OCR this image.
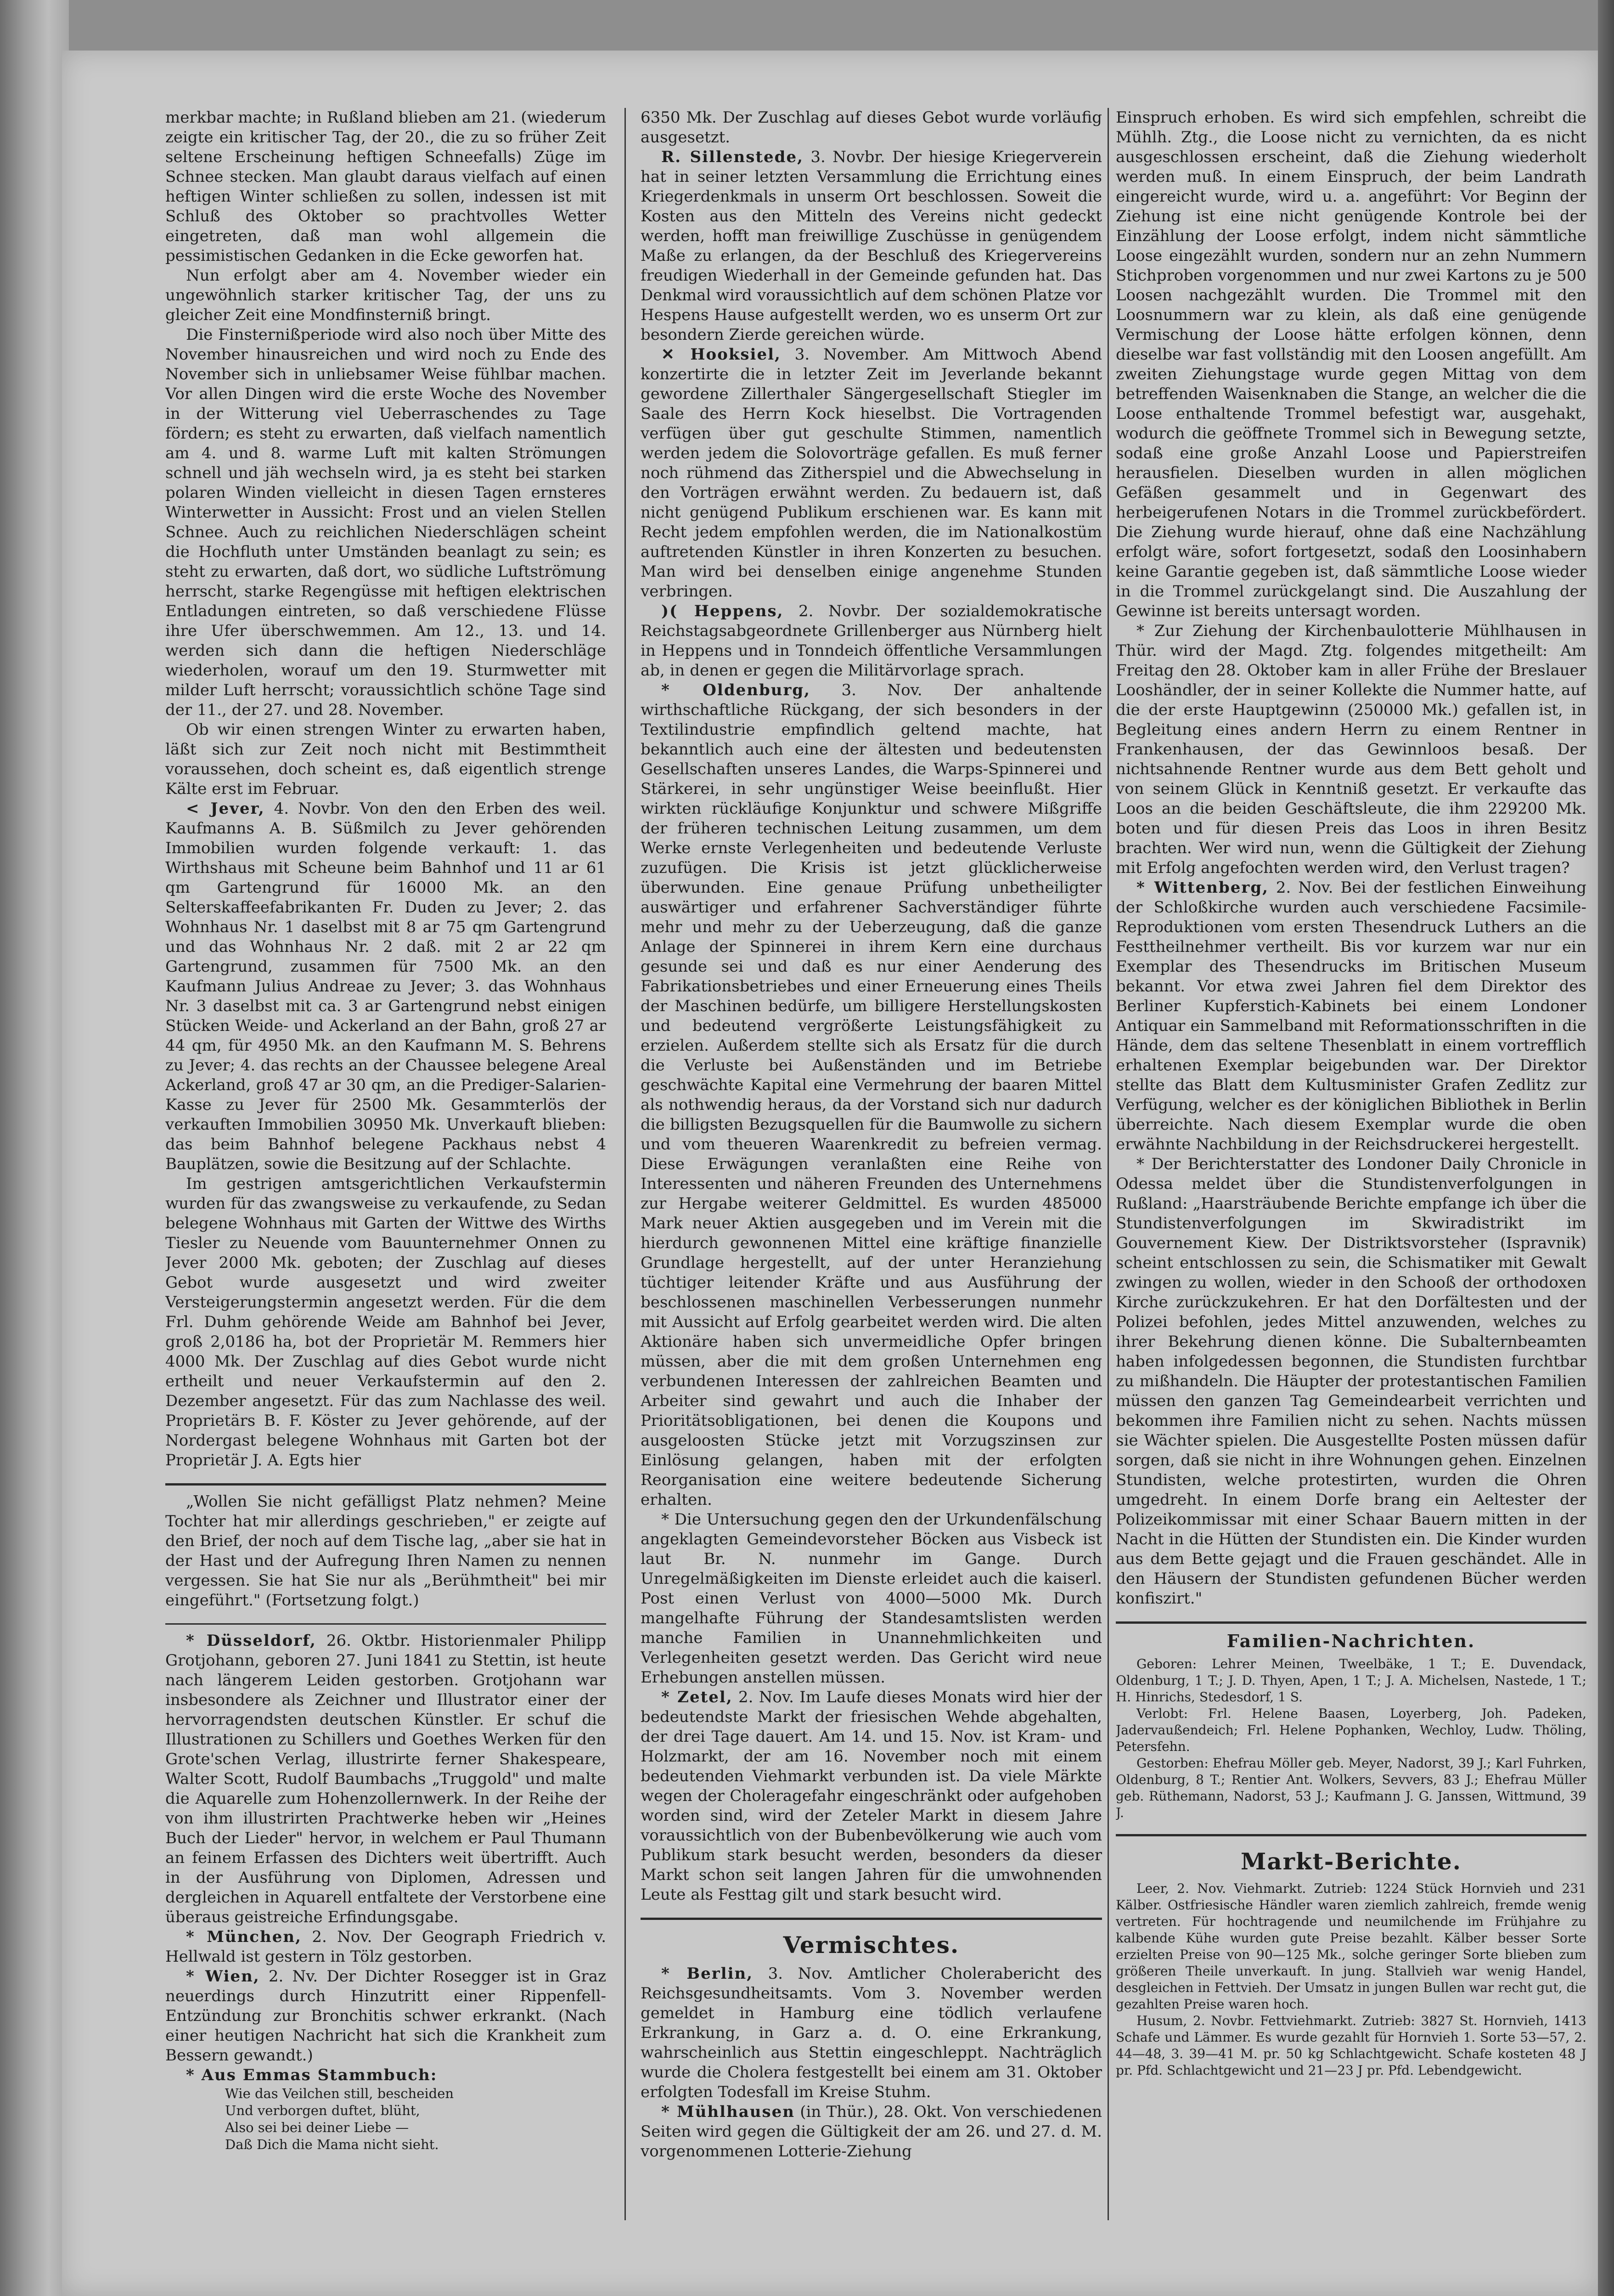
merkbar machte; in Rußland blieben am 21. (wiederum zeigte ein kritischer Tag, der 20., die zu so früher Zeit seltene Erscheinung heftigen Schneefalls) Züge im Schnee stecken. Man glaubt daraus vielfach auf einen heftigen Winter schließen zu sollen, indessen ist mit Schluß des Oktober so prachtvolles Wetter eingetreten, daß man wohl allgemein die pessimistischen Gedanken in die Ecke geworfen hat.

Nun erfolgt aber am 4. November wieder ein ungewöhnlich starker kritischer Tag, der uns zu gleicher Zeit eine Mondfinsterniß bringt.

Die Finsternißperiode wird also noch über Mitte des November hinausreichen und wird noch zu Ende des November sich in unliebsamer Weise fühlbar machen. Vor allen Dingen wird die erste Woche des November in der Witterung viel Ueberraschendes zu Tage fördern; es steht zu erwarten, daß vielfach namentlich am 4. und 8. warme Luft mit kalten Strömungen schnell und jäh wechseln wird, ja es steht bei starken polaren Winden vielleicht in diesen Tagen ernsteres Winterwetter in Aussicht: Frost und an vielen Stellen Schnee. Auch zu reichlichen Niederschlägen scheint die Hochfluth unter Umständen beanlagt zu sein; es steht zu erwarten, daß dort, wo südliche Luftströmung herrscht, starke Regengüsse mit heftigen elektrischen Entladungen eintreten, so daß verschiedene Flüsse ihre Ufer überschwemmen. Am 12., 13. und 14. werden sich dann die heftigen Niederschläge wiederholen, worauf um den 19. Sturmwetter mit milder Luft herrscht; voraussichtlich schöne Tage sind der 11., der 27. und 28. November.

Ob wir einen strengen Winter zu erwarten haben, läßt sich zur Zeit noch nicht mit Bestimmtheit voraussehen, doch scheint es, daß eigentlich strenge Kälte erst im Februar.

< Jever, 4. Novbr. Von den den Erben des weil. Kaufmanns A. B. Süßmilch zu Jever gehörenden Immobilien wurden folgende verkauft: 1. das Wirthshaus mit Scheune beim Bahnhof und 11 ar 61 qm Gartengrund für 16000 Mk. an den Selterskaffeefabrikanten Fr. Duden zu Jever; 2. das Wohnhaus Nr. 1 daselbst mit 8 ar 75 qm Gartengrund und das Wohnhaus Nr. 2 daß. mit 2 ar 22 qm Gartengrund, zusammen für 7500 Mk. an den Kaufmann Julius Andreae zu Jever; 3. das Wohnhaus Nr. 3 daselbst mit ca. 3 ar Gartengrund nebst einigen Stücken Weide- und Ackerland an der Bahn, groß 27 ar 44 qm, für 4950 Mk. an den Kaufmann M. S. Behrens zu Jever; 4. das rechts an der Chaussee belegene Areal Ackerland, groß 47 ar 30 qm, an die Prediger-Salarien-Kasse zu Jever für 2500 Mk. Gesammterlös der verkauften Immobilien 30950 Mk. Unverkauft blieben: das beim Bahnhof belegene Packhaus nebst 4 Bauplätzen, sowie die Besitzung auf der Schlachte.

Im gestrigen amtsgerichtlichen Verkaufstermin wurden für das zwangsweise zu verkaufende, zu Sedan belegene Wohnhaus mit Garten der Wittwe des Wirths Tiesler zu Neuende vom Bauunternehmer Onnen zu Jever 2000 Mk. geboten; der Zuschlag auf dieses Gebot wurde ausgesetzt und wird zweiter Versteigerungstermin angesetzt werden. Für die dem Frl. Duhm gehörende Weide am Bahnhof bei Jever, groß 2,0186 ha, bot der Proprietär M. Remmers hier 4000 Mk. Der Zuschlag auf dies Gebot wurde nicht ertheilt und neuer Verkaufstermin auf den 2. Dezember angesetzt. Für das zum Nachlasse des weil. Proprietärs B. F. Köster zu Jever gehörende, auf der Nordergast belegene Wohnhaus mit Garten bot der Proprietär J. A. Egts hier

„Wollen Sie nicht gefälligst Platz nehmen? Meine Tochter hat mir allerdings geschrieben," er zeigte auf den Brief, der noch auf dem Tische lag, „aber sie hat in der Hast und der Aufregung Ihren Namen zu nennen vergessen. Sie hat Sie nur als „Berühmtheit" bei mir eingeführt." (Fortsetzung folgt.)

* Düsseldorf, 26. Oktbr. Historienmaler Philipp Grotjohann, geboren 27. Juni 1841 zu Stettin, ist heute nach längerem Leiden gestorben. Grotjohann war insbesondere als Zeichner und Illustrator einer der hervorragendsten deutschen Künstler. Er schuf die Illustrationen zu Schillers und Goethes Werken für den Grote'schen Verlag, illustrirte ferner Shakespeare, Walter Scott, Rudolf Baumbachs „Truggold" und malte die Aquarelle zum Hohenzollernwerk. In der Reihe der von ihm illustrirten Prachtwerke heben wir „Heines Buch der Lieder" hervor, in welchem er Paul Thumann an feinem Erfassen des Dichters weit übertrifft. Auch in der Ausführung von Diplomen, Adressen und dergleichen in Aquarell entfaltete der Verstorbene eine überaus geistreiche Erfindungsgabe.

* München, 2. Nov. Der Geograph Friedrich v. Hellwald ist gestern in Tölz gestorben.

* Wien, 2. Nv. Der Dichter Rosegger ist in Graz neuerdings durch Hinzutritt einer Rippenfell-Entzündung zur Bronchitis schwer erkrankt. (Nach einer heutigen Nachricht hat sich die Krankheit zum Bessern gewandt.)

* Aus Emmas Stammbuch:

Wie das Veilchen still, bescheiden

Und verborgen duftet, blüht,

Also sei bei deiner Liebe —

Daß Dich die Mama nicht sieht.

6350 Mk. Der Zuschlag auf dieses Gebot wurde vorläufig ausgesetzt.

R. Sillenstede, 3. Novbr. Der hiesige Kriegerverein hat in seiner letzten Versammlung die Errichtung eines Kriegerdenkmals in unserm Ort beschlossen. Soweit die Kosten aus den Mitteln des Vereins nicht gedeckt werden, hofft man freiwillige Zuschüsse in genügendem Maße zu erlangen, da der Beschluß des Kriegervereins freudigen Wiederhall in der Gemeinde gefunden hat. Das Denkmal wird voraussichtlich auf dem schönen Platze vor Hespens Hause aufgestellt werden, wo es unserm Ort zur besondern Zierde gereichen würde.

✕ Hooksiel, 3. November. Am Mittwoch Abend konzertirte die in letzter Zeit im Jeverlande bekannt gewordene Zillerthaler Sängergesellschaft Stiegler im Saale des Herrn Kock hieselbst. Die Vortragenden verfügen über gut geschulte Stimmen, namentlich werden jedem die Solovorträge gefallen. Es muß ferner noch rühmend das Zitherspiel und die Abwechselung in den Vorträgen erwähnt werden. Zu bedauern ist, daß nicht genügend Publikum erschienen war. Es kann mit Recht jedem empfohlen werden, die im Nationalkostüm auftretenden Künstler in ihren Konzerten zu besuchen. Man wird bei denselben einige angenehme Stunden verbringen.

)( Heppens, 2. Novbr. Der sozialdemokratische Reichstagsabgeordnete Grillenberger aus Nürnberg hielt in Heppens und in Tonndeich öffentliche Versammlungen ab, in denen er gegen die Militärvorlage sprach.

* Oldenburg, 3. Nov. Der anhaltende wirthschaftliche Rückgang, der sich besonders in der Textilindustrie empfindlich geltend machte, hat bekanntlich auch eine der ältesten und bedeutensten Gesellschaften unseres Landes, die Warps-Spinnerei und Stärkerei, in sehr ungünstiger Weise beeinflußt. Hier wirkten rückläufige Konjunktur und schwere Mißgriffe der früheren technischen Leitung zusammen, um dem Werke ernste Verlegenheiten und bedeutende Verluste zuzufügen. Die Krisis ist jetzt glücklicherweise überwunden. Eine genaue Prüfung unbetheiligter auswärtiger und erfahrener Sachverständiger führte mehr und mehr zu der Ueberzeugung, daß die ganze Anlage der Spinnerei in ihrem Kern eine durchaus gesunde sei und daß es nur einer Aenderung des Fabrikationsbetriebes und einer Erneuerung eines Theils der Maschinen bedürfe, um billigere Herstellungskosten und bedeutend vergrößerte Leistungsfähigkeit zu erzielen. Außerdem stellte sich als Ersatz für die durch die Verluste bei Außenständen und im Betriebe geschwächte Kapital eine Vermehrung der baaren Mittel als nothwendig heraus, da der Vorstand sich nur dadurch die billigsten Bezugsquellen für die Baumwolle zu sichern und vom theueren Waarenkredit zu befreien vermag. Diese Erwägungen veranlaßten eine Reihe von Interessenten und näheren Freunden des Unternehmens zur Hergabe weiterer Geldmittel. Es wurden 485000 Mark neuer Aktien ausgegeben und im Verein mit die hierdurch gewonnenen Mittel eine kräftige finanzielle Grundlage hergestellt, auf der unter Heranziehung tüchtiger leitender Kräfte und aus Ausführung der beschlossenen maschinellen Verbesserungen nunmehr mit Aussicht auf Erfolg gearbeitet werden wird. Die alten Aktionäre haben sich unvermeidliche Opfer bringen müssen, aber die mit dem großen Unternehmen eng verbundenen Interessen der zahlreichen Beamten und Arbeiter sind gewahrt und auch die Inhaber der Prioritätsobligationen, bei denen die Koupons und ausgeloosten Stücke jetzt mit Vorzugszinsen zur Einlösung gelangen, haben mit der erfolgten Reorganisation eine weitere bedeutende Sicherung erhalten.

* Die Untersuchung gegen den der Urkundenfälschung angeklagten Gemeindevorsteher Böcken aus Visbeck ist laut Br. N. nunmehr im Gange. Durch Unregelmäßigkeiten im Dienste erleidet auch die kaiserl. Post einen Verlust von 4000—5000 Mk. Durch mangelhafte Führung der Standesamtslisten werden manche Familien in Unannehmlichkeiten und Verlegenheiten gesetzt werden. Das Gericht wird neue Erhebungen anstellen müssen.

* Zetel, 2. Nov. Im Laufe dieses Monats wird hier der bedeutendste Markt der friesischen Wehde abgehalten, der drei Tage dauert. Am 14. und 15. Nov. ist Kram- und Holzmarkt, der am 16. November noch mit einem bedeutenden Viehmarkt verbunden ist. Da viele Märkte wegen der Choleragefahr eingeschränkt oder aufgehoben worden sind, wird der Zeteler Markt in diesem Jahre voraussichtlich von der Bubenbevölkerung wie auch vom Publikum stark besucht werden, besonders da dieser Markt schon seit langen Jahren für die umwohnenden Leute als Festtag gilt und stark besucht wird.

Vermischtes.

* Berlin, 3. Nov. Amtlicher Cholerabericht des Reichsgesundheitsamts. Vom 3. November werden gemeldet in Hamburg eine tödlich verlaufene Erkrankung, in Garz a. d. O. eine Erkrankung, wahrscheinlich aus Stettin eingeschleppt. Nachträglich wurde die Cholera festgestellt bei einem am 31. Oktober erfolgten Todesfall im Kreise Stuhm.

* Mühlhausen (in Thür.), 28. Okt. Von verschiedenen Seiten wird gegen die Gültigkeit der am 26. und 27. d. M. vorgenommenen Lotterie-Ziehung

Einspruch erhoben. Es wird sich empfehlen, schreibt die Mühlh. Ztg., die Loose nicht zu vernichten, da es nicht ausgeschlossen erscheint, daß die Ziehung wiederholt werden muß. In einem Einspruch, der beim Landrath eingereicht wurde, wird u. a. angeführt: Vor Beginn der Ziehung ist eine nicht genügende Kontrole bei der Einzählung der Loose erfolgt, indem nicht sämmtliche Loose eingezählt wurden, sondern nur an zehn Nummern Stichproben vorgenommen und nur zwei Kartons zu je 500 Loosen nachgezählt wurden. Die Trommel mit den Loosnummern war zu klein, als daß eine genügende Vermischung der Loose hätte erfolgen können, denn dieselbe war fast vollständig mit den Loosen angefüllt. Am zweiten Ziehungstage wurde gegen Mittag von dem betreffenden Waisenknaben die Stange, an welcher die die Loose enthaltende Trommel befestigt war, ausgehakt, wodurch die geöffnete Trommel sich in Bewegung setzte, sodaß eine große Anzahl Loose und Papierstreifen herausfielen. Dieselben wurden in allen möglichen Gefäßen gesammelt und in Gegenwart des herbeigerufenen Notars in die Trommel zurückbefördert. Die Ziehung wurde hierauf, ohne daß eine Nachzählung erfolgt wäre, sofort fortgesetzt, sodaß den Loosinhabern keine Garantie gegeben ist, daß sämmtliche Loose wieder in die Trommel zurückgelangt sind. Die Auszahlung der Gewinne ist bereits untersagt worden.

* Zur Ziehung der Kirchenbaulotterie Mühlhausen in Thür. wird der Magd. Ztg. folgendes mitgetheilt: Am Freitag den 28. Oktober kam in aller Frühe der Breslauer Looshändler, der in seiner Kollekte die Nummer hatte, auf die der erste Hauptgewinn (250000 Mk.) gefallen ist, in Begleitung eines andern Herrn zu einem Rentner in Frankenhausen, der das Gewinnloos besaß. Der nichtsahnende Rentner wurde aus dem Bett geholt und von seinem Glück in Kenntniß gesetzt. Er verkaufte das Loos an die beiden Geschäftsleute, die ihm 229200 Mk. boten und für diesen Preis das Loos in ihren Besitz brachten. Wer wird nun, wenn die Gültigkeit der Ziehung mit Erfolg angefochten werden wird, den Verlust tragen?

* Wittenberg, 2. Nov. Bei der festlichen Einweihung der Schloßkirche wurden auch verschiedene Facsimile-Reproduktionen vom ersten Thesendruck Luthers an die Festtheilnehmer vertheilt. Bis vor kurzem war nur ein Exemplar des Thesendrucks im Britischen Museum bekannt. Vor etwa zwei Jahren fiel dem Direktor des Berliner Kupferstich-Kabinets bei einem Londoner Antiquar ein Sammelband mit Reformationsschriften in die Hände, dem das seltene Thesenblatt in einem vortrefflich erhaltenen Exemplar beigebunden war. Der Direktor stellte das Blatt dem Kultusminister Grafen Zedlitz zur Verfügung, welcher es der königlichen Bibliothek in Berlin überreichte. Nach diesem Exemplar wurde die oben erwähnte Nachbildung in der Reichsdruckerei hergestellt.

* Der Berichterstatter des Londoner Daily Chronicle in Odessa meldet über die Stundistenverfolgungen in Rußland: „Haarsträubende Berichte empfange ich über die Stundistenverfolgungen im Skwiradistrikt im Gouvernement Kiew. Der Distriktsvorsteher (Ispravnik) scheint entschlossen zu sein, die Schismatiker mit Gewalt zwingen zu wollen, wieder in den Schooß der orthodoxen Kirche zurückzukehren. Er hat den Dorfältesten und der Polizei befohlen, jedes Mittel anzuwenden, welches zu ihrer Bekehrung dienen könne. Die Subalternbeamten haben infolgedessen begonnen, die Stundisten furchtbar zu mißhandeln. Die Häupter der protestantischen Familien müssen den ganzen Tag Gemeindearbeit verrichten und bekommen ihre Familien nicht zu sehen. Nachts müssen sie Wächter spielen. Die Ausgestellte Posten müssen dafür sorgen, daß sie nicht in ihre Wohnungen gehen. Einzelnen Stundisten, welche protestirten, wurden die Ohren umgedreht. In einem Dorfe brang ein Aeltester der Polizeikommissar mit einer Schaar Bauern mitten in der Nacht in die Hütten der Stundisten ein. Die Kinder wurden aus dem Bette gejagt und die Frauen geschändet. Alle in den Häusern der Stundisten gefundenen Bücher werden konfiszirt."

Familien-Nachrichten.

Geboren: Lehrer Meinen, Tweelbäke, 1 T.; E. Duvendack, Oldenburg, 1 T.; J. D. Thyen, Apen, 1 T.; J. A. Michelsen, Nastede, 1 T.; H. Hinrichs, Stedesdorf, 1 S.

Verlobt: Frl. Helene Baasen, Loyerberg, Joh. Padeken, Jadervaußendeich; Frl. Helene Pophanken, Wechloy, Ludw. Thöling, Petersfehn.

Gestorben: Ehefrau Möller geb. Meyer, Nadorst, 39 J.; Karl Fuhrken, Oldenburg, 8 T.; Rentier Ant. Wolkers, Sevvers, 83 J.; Ehefrau Müller geb. Rüthemann, Nadorst, 53 J.; Kaufmann J. G. Janssen, Wittmund, 39 J.

Markt-Berichte.

Leer, 2. Nov. Viehmarkt. Zutrieb: 1224 Stück Hornvieh und 231 Kälber. Ostfriesische Händler waren ziemlich zahlreich, fremde wenig vertreten. Für hochtragende und neumilchende im Frühjahre zu kalbende Kühe wurden gute Preise bezahlt. Kälber besser Sorte erzielten Preise von 90—125 Mk., solche geringer Sorte blieben zum größeren Theile unverkauft. In jung. Stallvieh war wenig Handel, desgleichen in Fettvieh. Der Umsatz in jungen Bullen war recht gut, die gezahlten Preise waren hoch.

Husum, 2. Novbr. Fettviehmarkt. Zutrieb: 3827 St. Hornvieh, 1413 Schafe und Lämmer. Es wurde gezahlt für Hornvieh 1. Sorte 53—57, 2. 44—48, 3. 39—41 M. pr. 50 kg Schlachtgewicht. Schafe kosteten 48 J pr. Pfd. Schlachtgewicht und 21—23 J pr. Pfd. Lebendgewicht.
